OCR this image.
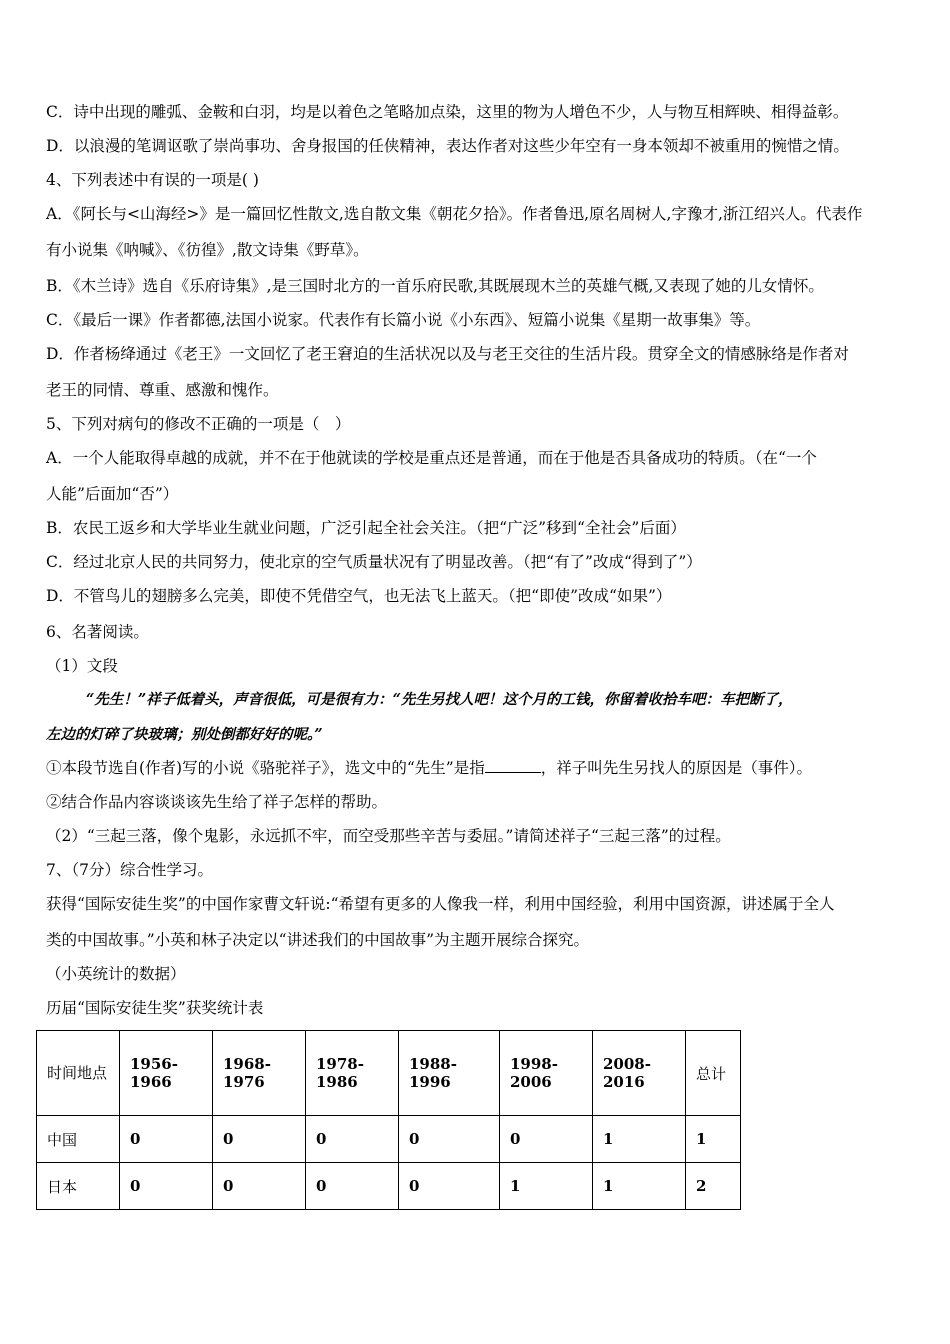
C．诗中出现的雕弧、金鞍和白羽，均是以着色之笔略加点染，这里的物为人增色不少，人与物互相辉映、相得益彰。
D．以浪漫的笔调讴歌了崇尚事功、舍身报国的任侠精神，表达作者对这些少年空有一身本领却不被重用的惋惜之情。
4、下列表述中有误的一项是( )
A．《阿长与<山海经>》是一篇回忆性散文,选自散文集《朝花夕拾》。作者鲁迅,原名周树人,字豫才,浙江绍兴人。代表作
有小说集《呐喊》、《彷徨》,散文诗集《野草》。
B．《木兰诗》选自《乐府诗集》,是三国时北方的一首乐府民歌,其既展现木兰的英雄气概,又表现了她的儿女情怀。
C．《最后一课》作者都德,法国小说家。代表作有长篇小说《小东西》、短篇小说集《星期一故事集》等。
D．作者杨绛通过《老王》一文回忆了老王窘迫的生活状况以及与老王交往的生活片段。贯穿全文的情感脉络是作者对
老王的同情、尊重、感激和愧作。
5、下列对病句的修改不正确的一项是（　）
A．一个人能取得卓越的成就，并不在于他就读的学校是重点还是普通，而在于他是否具备成功的特质。（在“一个
人能”后面加“否”）
B．农民工返乡和大学毕业生就业问题，广泛引起全社会关注。（把“广泛”移到“全社会”后面）
C．经过北京人民的共同努力，使北京的空气质量状况有了明显改善。（把“有了”改成“得到了”）
D．不管鸟儿的翅膀多么完美，即使不凭借空气，也无法飞上蓝天。（把“即使”改成“如果”）
6、名著阅读。
（1）文段
“先生！”祥子低着头，声音很低，可是很有力：“先生另找人吧！这个月的工钱，你留着收拾车吧：车把断了，
左边的灯碎了块玻璃；别处倒都好好的呢。”
①本段节选自(作者)写的小说《骆驼祥子》，选文中的“先生”是指	，祥子叫先生另找人的原因是（事件）。
②结合作品内容谈谈该先生给了祥子怎样的帮助。
（2）“三起三落，像个鬼影，永远抓不牢，而空受那些辛苦与委屈。”请简述祥子“三起三落”的过程。
7、（7分）综合性学习。
获得“国际安徒生奖”的中国作家曹文轩说:“希望有更多的人像我一样，利用中国经验，利用中国资源，讲述属于全人
类的中国故事。”小英和林子决定以“讲述我们的中国故事”为主题开展综合探究。
（小英统计的数据）
历届“国际安徒生奖”获奖统计表
时间地点	1956-1966	1968-1976	1978-1986	1988-1996	1998-2006	2008-2016	总计
中国	0	0	0	0	0	1	1
日本	0	0	0	0	1	1	2
